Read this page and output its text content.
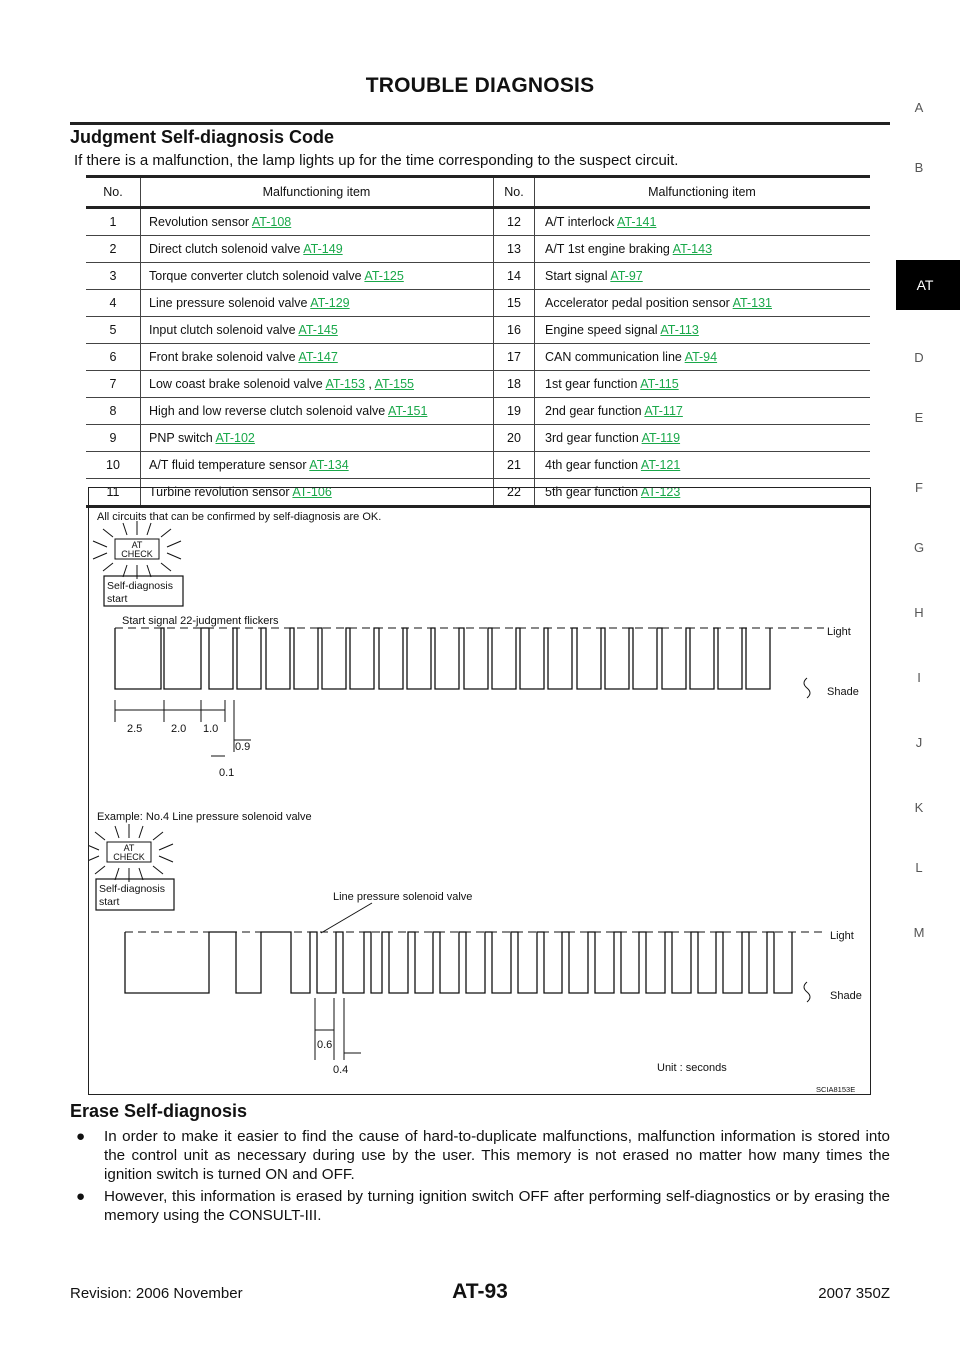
TROUBLE DIAGNOSIS
A
B
D
E
F
G
H
I
J
K
L
M
AT
Judgment Self-diagnosis Code
If there is a malfunction, the lamp lights up for the time corresponding to the suspect circuit.
No.	Malfunctioning item	No.	Malfunctioning item
1	Revolution sensor AT-108	12	A/T interlock AT-141
2	Direct clutch solenoid valve AT-149	13	A/T 1st engine braking AT-143
3	Torque converter clutch solenoid valve AT-125	14	Start signal AT-97
4	Line pressure solenoid valve AT-129	15	Accelerator pedal position sensor AT-131
5	Input clutch solenoid valve AT-145	16	Engine speed signal AT-113
6	Front brake solenoid valve AT-147	17	CAN communication line AT-94
7	Low coast brake solenoid valve AT-153 , AT-155	18	1st gear function AT-115
8	High and low reverse clutch solenoid valve AT-151	19	2nd gear function AT-117
9	PNP switch AT-102	20	3rd gear function AT-119
10	A/T fluid temperature sensor AT-134	21	4th gear function AT-121
11	Turbine revolution sensor AT-106	22	5th gear function AT-123
All circuits that can be confirmed by self-diagnosis are OK.
AT
CHECK
Self-diagnosis
start
Start signal 22-judgment flickers
Light
Shade
2.5	2.0 1.0
0.9
0.1
Example: No.4 Line pressure solenoid valve
AT
CHECK
Self-diagnosis
start	Line pressure solenoid valve
Light
Shade
0.6
0.4	Unit : seconds
SCIA8153E
Erase Self-diagnosis
● In order to make it easier to find the cause of hard-to-duplicate malfunctions, malfunction information is stored into the control unit as necessary during use by the user. This memory is not erased no matter how many times the ignition switch is turned ON and OFF.
● However, this information is erased by turning ignition switch OFF after performing self-diagnostics or by erasing the memory using the CONSULT-III.
Revision: 2006 November	AT-93	2007 350Z
